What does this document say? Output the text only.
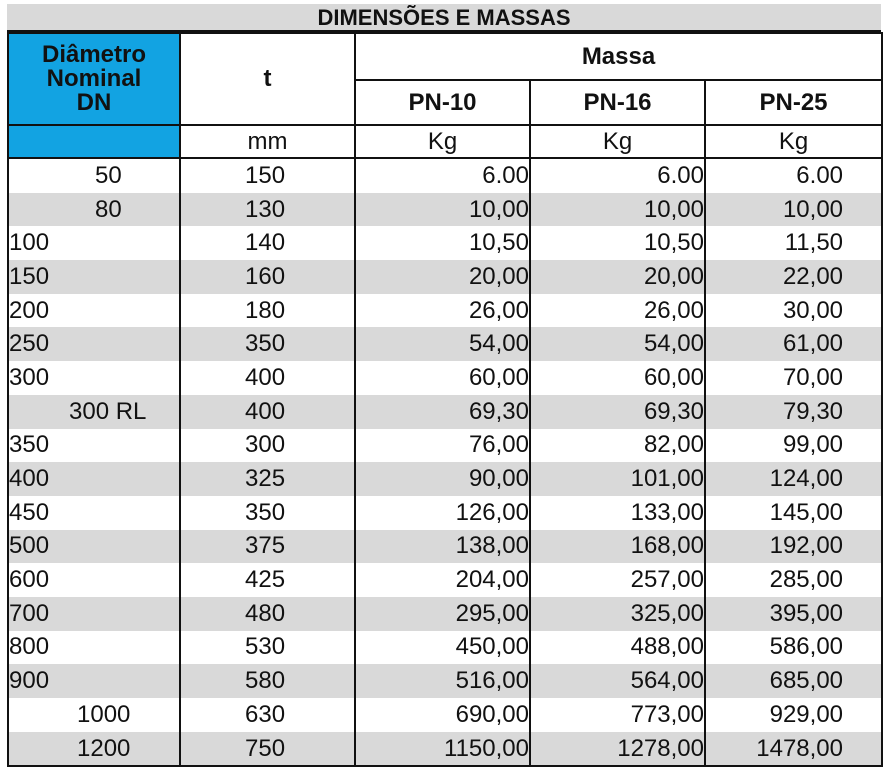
DIMENSÕES E MASSAS
Diâmetro
Nominal
DN	t	Massa		
		PN-10	PN-16	PN-25
	mm	Kg	Kg	Kg
50	150	6.00	6.00	6.00
80	130	10,00	10,00	10,00
100	140	10,50	10,50	11,50
150	160	20,00	20,00	22,00
200	180	26,00	26,00	30,00
250	350	54,00	54,00	61,00
300	400	60,00	60,00	70,00
300 RL	400	69,30	69,30	79,30
350	300	76,00	82,00	99,00
400	325	90,00	101,00	124,00
450	350	126,00	133,00	145,00
500	375	138,00	168,00	192,00
600	425	204,00	257,00	285,00
700	480	295,00	325,00	395,00
800	530	450,00	488,00	586,00
900	580	516,00	564,00	685,00
1000	630	690,00	773,00	929,00
1200	750	1150,00	1278,00	1478,00
